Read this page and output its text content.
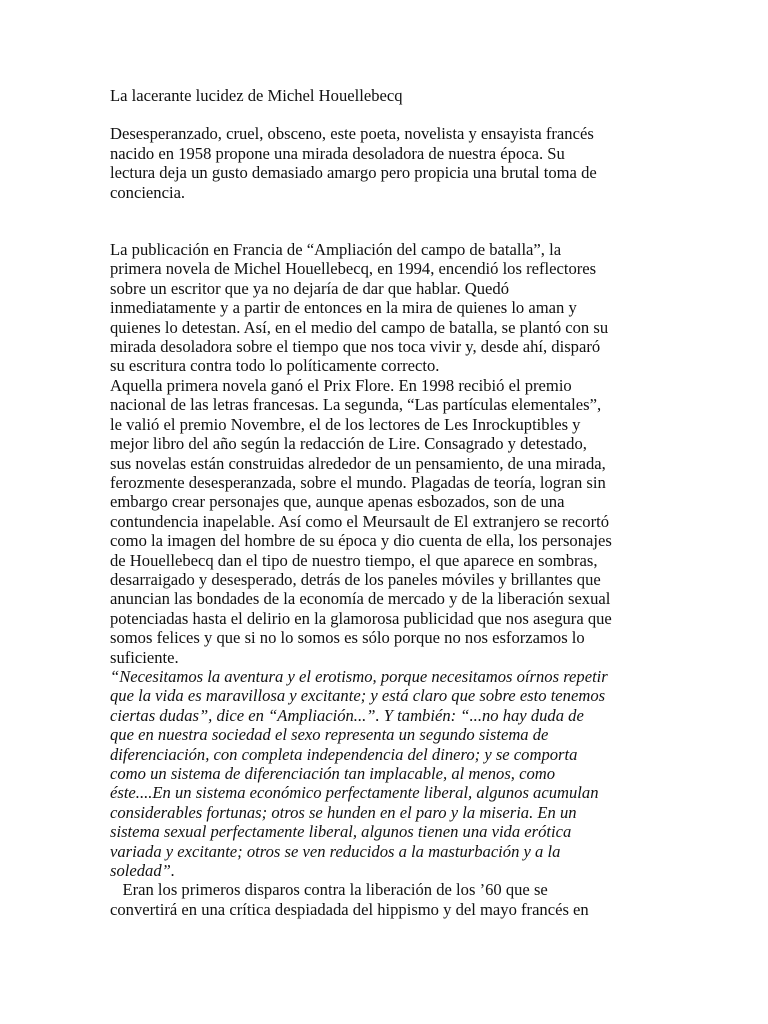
La lacerante lucidez de Michel Houellebecq

Desesperanzado, cruel, obsceno, este poeta, novelista y ensayista francés
nacido en 1958 propone una mirada desoladora de nuestra época. Su
lectura deja un gusto demasiado amargo pero propicia una brutal toma de
conciencia.

La publicación en Francia de “Ampliación del campo de batalla”, la
primera novela de Michel Houellebecq, en 1994, encendió los reflectores
sobre un escritor que ya no dejaría de dar que hablar. Quedó
inmediatamente y a partir de entonces en la mira de quienes lo aman y
quienes lo detestan. Así, en el medio del campo de batalla, se plantó con su
mirada desoladora sobre el tiempo que nos toca vivir y, desde ahí, disparó
su escritura contra todo lo políticamente correcto.
Aquella primera novela ganó el Prix Flore. En 1998 recibió el premio
nacional de las letras francesas. La segunda, “Las partículas elementales”,
le valió el premio Novembre, el de los lectores de Les Inrockuptibles y
mejor libro del año según la redacción de Lire. Consagrado y detestado,
sus novelas están construidas alrededor de un pensamiento, de una mirada,
ferozmente desesperanzada, sobre el mundo. Plagadas de teoría, logran sin
embargo crear personajes que, aunque apenas esbozados, son de una
contundencia inapelable. Así como el Meursault de El extranjero se recortó
como la imagen del hombre de su época y dio cuenta de ella, los personajes
de Houellebecq dan el tipo de nuestro tiempo, el que aparece en sombras,
desarraigado y desesperado, detrás de los paneles móviles y brillantes que
anuncian las bondades de la economía de mercado y de la liberación sexual
potenciadas hasta el delirio en la glamorosa publicidad que nos asegura que
somos felices y que si no lo somos es sólo porque no nos esforzamos lo
suficiente.

“Necesitamos la aventura y el erotismo, porque necesitamos oírnos repetir
que la vida es maravillosa y excitante; y está claro que sobre esto tenemos
ciertas dudas”, dice en “Ampliación...”. Y también: “...no hay duda de
que en nuestra sociedad el sexo representa un segundo sistema de
diferenciación, con completa independencia del dinero; y se comporta
como un sistema de diferenciación tan implacable, al menos, como
éste....En un sistema económico perfectamente liberal, algunos acumulan
considerables fortunas; otros se hunden en el paro y la miseria. En un
sistema sexual perfectamente liberal, algunos tienen una vida erótica
variada y excitante; otros se ven reducidos a la masturbación y a la
soledad”.

Eran los primeros disparos contra la liberación de los ’60 que se
convertirá en una crítica despiadada del hippismo y del mayo francés en
